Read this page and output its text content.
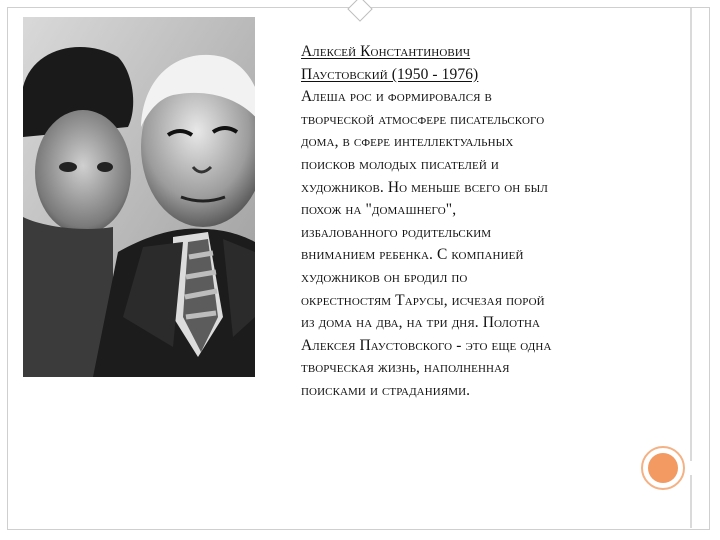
Алексей Константинович
Паустовский (1950 - 1976)
Алеша рос и формировался в
творческой атмосфере писательского
дома, в сфере интеллектуальных
поисков молодых писателей и
художников. Но меньше всего он был
похож на "домашнего",
избалованного родительским
вниманием ребенка. С компанией
художников он бродил по
окрестностям Тарусы, исчезая порой
из дома на два, на три дня. Полотна
Алексея Паустовского - это еще одна
творческая жизнь, наполненная
поисками и страданиями.
